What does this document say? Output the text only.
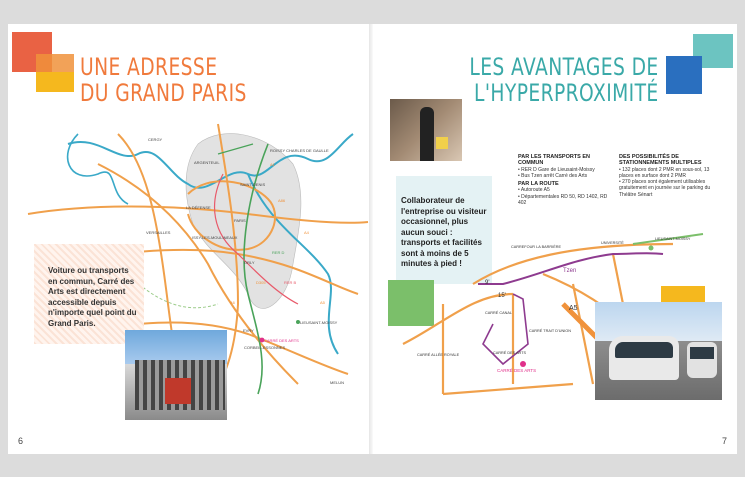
UNE ADRESSE
DU GRAND PARIS
CERGY
ROISSY CHARLES DE GAULLE
ARGENTEUIL
SAINT-DENIS
LA DÉFENSE
PARIS
VERSAILLES
ISSY-LES-MOULINEAUX
ORLY
EVRY
CORBEIL-ESSONNES
CARRÉ DES ARTS
LIEUSAINT-MOISSY
MELUN
A1
A86
A4
A6	A5
D305
RER D
RER B

Voiture ou transports en commun, Carré des Arts est directement accessible depuis n'importe quel point du Grand Paris.

6
LES AVANTAGES DE
L'HYPERPROXIMITÉ

Collaborateur de l'entreprise ou visiteur occasionnel, plus aucun souci : transports et facilités sont à moins de 5 minutes à pied !

PAR LES TRANSPORTS EN COMMUN
• RER D Gare de Lieusaint-Moissy
• Bus Tzen arrêt Carré des Arts
PAR LA ROUTE
• Autoroute A5
• Départementales RD 50, RD 1402, RD 402
DES POSSIBILITÉS DE STATIONNEMENTS MULTIPLES
• 132 places dont 2 PMR en sous-sol, 13 places en surface dont 2 PMR
• 270 places sont également utilisables gratuitement en journée sur le parking du Théâtre Sénart
CARREFOUR LA BARRIÈRE
UNIVERSITÉ
LIEUSAINT-MOISSY
Tzen
CARRÉ CANAL
CARRÉ TRAIT D'UNION
CARRÉ ALLÉE ROYALE	CARRÉ DES ARTS
CARRÉ DES ARTS
A5
9'
15'
7
